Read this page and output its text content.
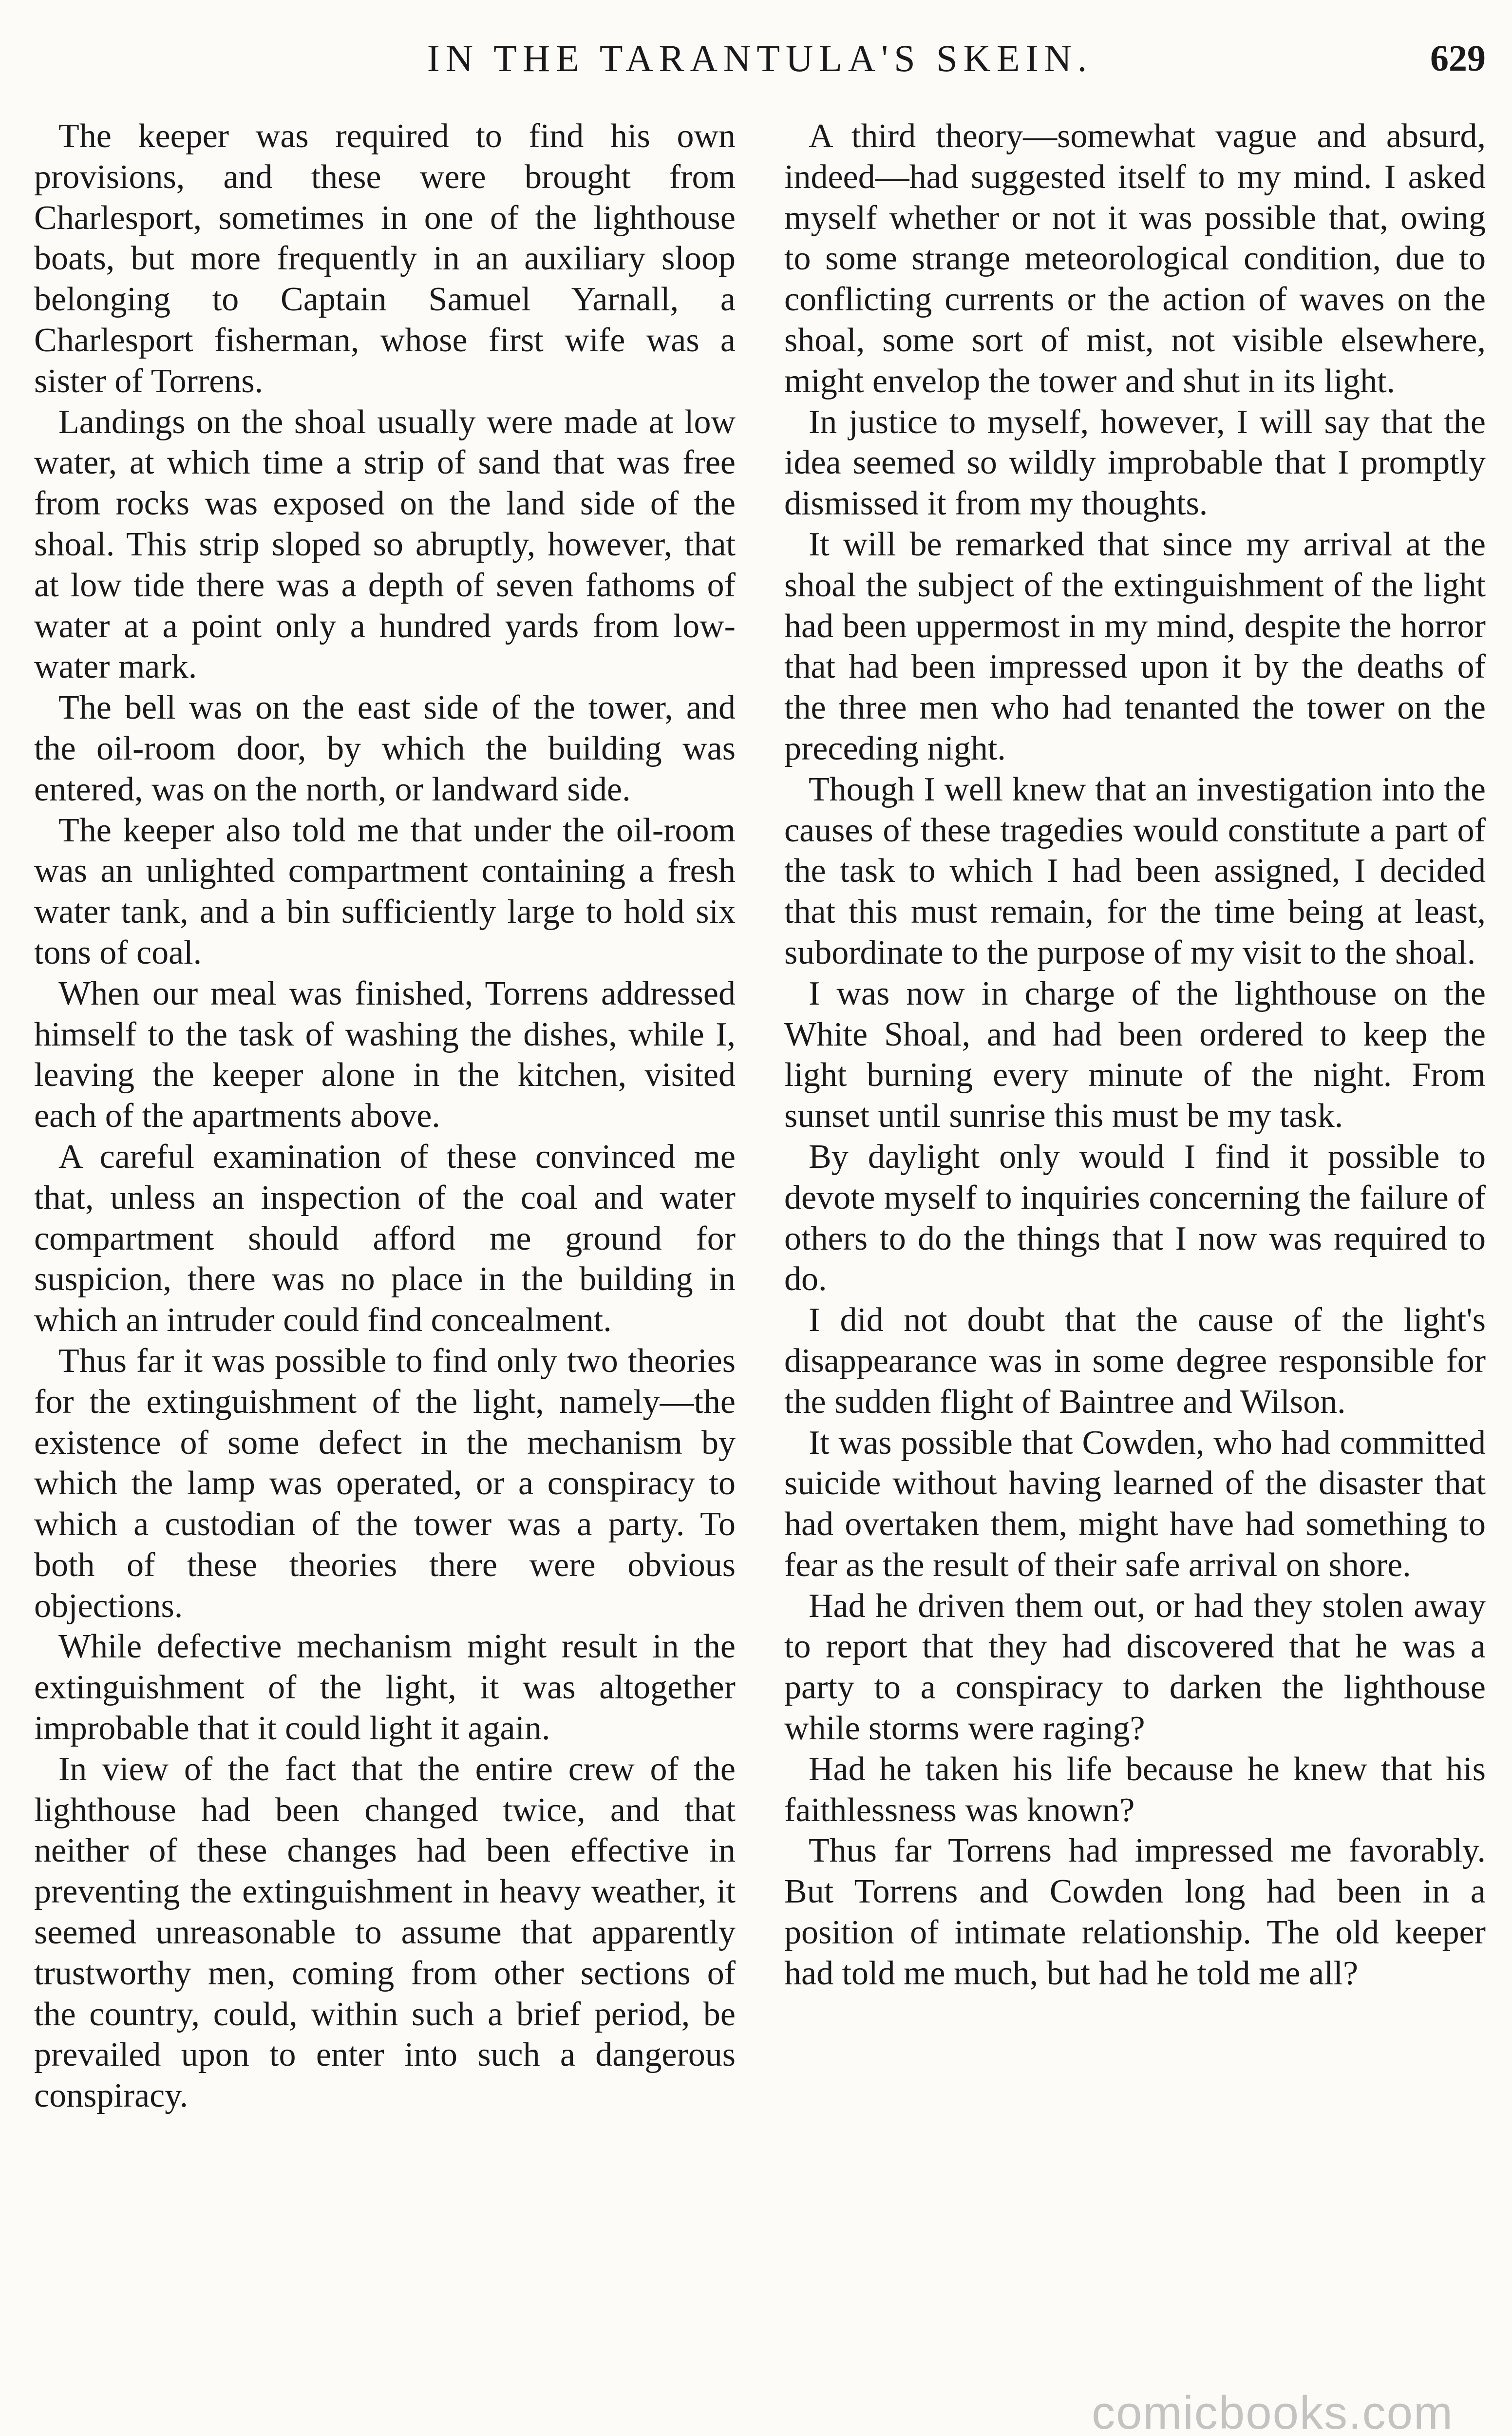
IN THE TARANTULA'S SKEIN.	629

The keeper was required to find his own provisions, and these were brought from Charlesport, sometimes in one of the lighthouse boats, but more frequently in an auxiliary sloop belonging to Captain Samuel Yarnall, a Charlesport fisherman, whose first wife was a sister of Torrens.

Landings on the shoal usually were made at low water, at which time a strip of sand that was free from rocks was exposed on the land side of the shoal. This strip sloped so abruptly, however, that at low tide there was a depth of seven fathoms of water at a point only a hundred yards from low-water mark.

The bell was on the east side of the tower, and the oil-room door, by which the building was entered, was on the north, or landward side.

The keeper also told me that under the oil-room was an unlighted compartment containing a fresh water tank, and a bin sufficiently large to hold six tons of coal.

When our meal was finished, Torrens addressed himself to the task of washing the dishes, while I, leaving the keeper alone in the kitchen, visited each of the apartments above.

A careful examination of these convinced me that, unless an inspection of the coal and water compartment should afford me ground for suspicion, there was no place in the building in which an intruder could find concealment.

Thus far it was possible to find only two theories for the extinguishment of the light, namely—the existence of some defect in the mechanism by which the lamp was operated, or a conspiracy to which a custodian of the tower was a party. To both of these theories there were obvious objections.

While defective mechanism might result in the extinguishment of the light, it was altogether improbable that it could light it again.

In view of the fact that the entire crew of the lighthouse had been changed twice, and that neither of these changes had been effective in preventing the extinguishment in heavy weather, it seemed unreasonable to assume that apparently trustworthy men, coming from other sections of the country, could, within such a brief period, be prevailed upon to enter into such a dangerous conspiracy.

A third theory—somewhat vague and absurd, indeed—had suggested itself to my mind. I asked myself whether or not it was possible that, owing to some strange meteorological condition, due to conflicting currents or the action of waves on the shoal, some sort of mist, not visible elsewhere, might envelop the tower and shut in its light.

In justice to myself, however, I will say that the idea seemed so wildly improbable that I promptly dismissed it from my thoughts.

It will be remarked that since my arrival at the shoal the subject of the extinguishment of the light had been uppermost in my mind, despite the horror that had been impressed upon it by the deaths of the three men who had tenanted the tower on the preceding night.

Though I well knew that an investigation into the causes of these tragedies would constitute a part of the task to which I had been assigned, I decided that this must remain, for the time being at least, subordinate to the purpose of my visit to the shoal.

I was now in charge of the lighthouse on the White Shoal, and had been ordered to keep the light burning every minute of the night. From sunset until sunrise this must be my task.

By daylight only would I find it possible to devote myself to inquiries concerning the failure of others to do the things that I now was required to do.

I did not doubt that the cause of the light's disappearance was in some degree responsible for the sudden flight of Baintree and Wilson.

It was possible that Cowden, who had committed suicide without having learned of the disaster that had overtaken them, might have had something to fear as the result of their safe arrival on shore.

Had he driven them out, or had they stolen away to report that they had discovered that he was a party to a conspiracy to darken the lighthouse while storms were raging?

Had he taken his life because he knew that his faithlessness was known?

Thus far Torrens had impressed me favorably. But Torrens and Cowden long had been in a position of intimate relationship. The old keeper had told me much, but had he told me all?

comicbooks.com
